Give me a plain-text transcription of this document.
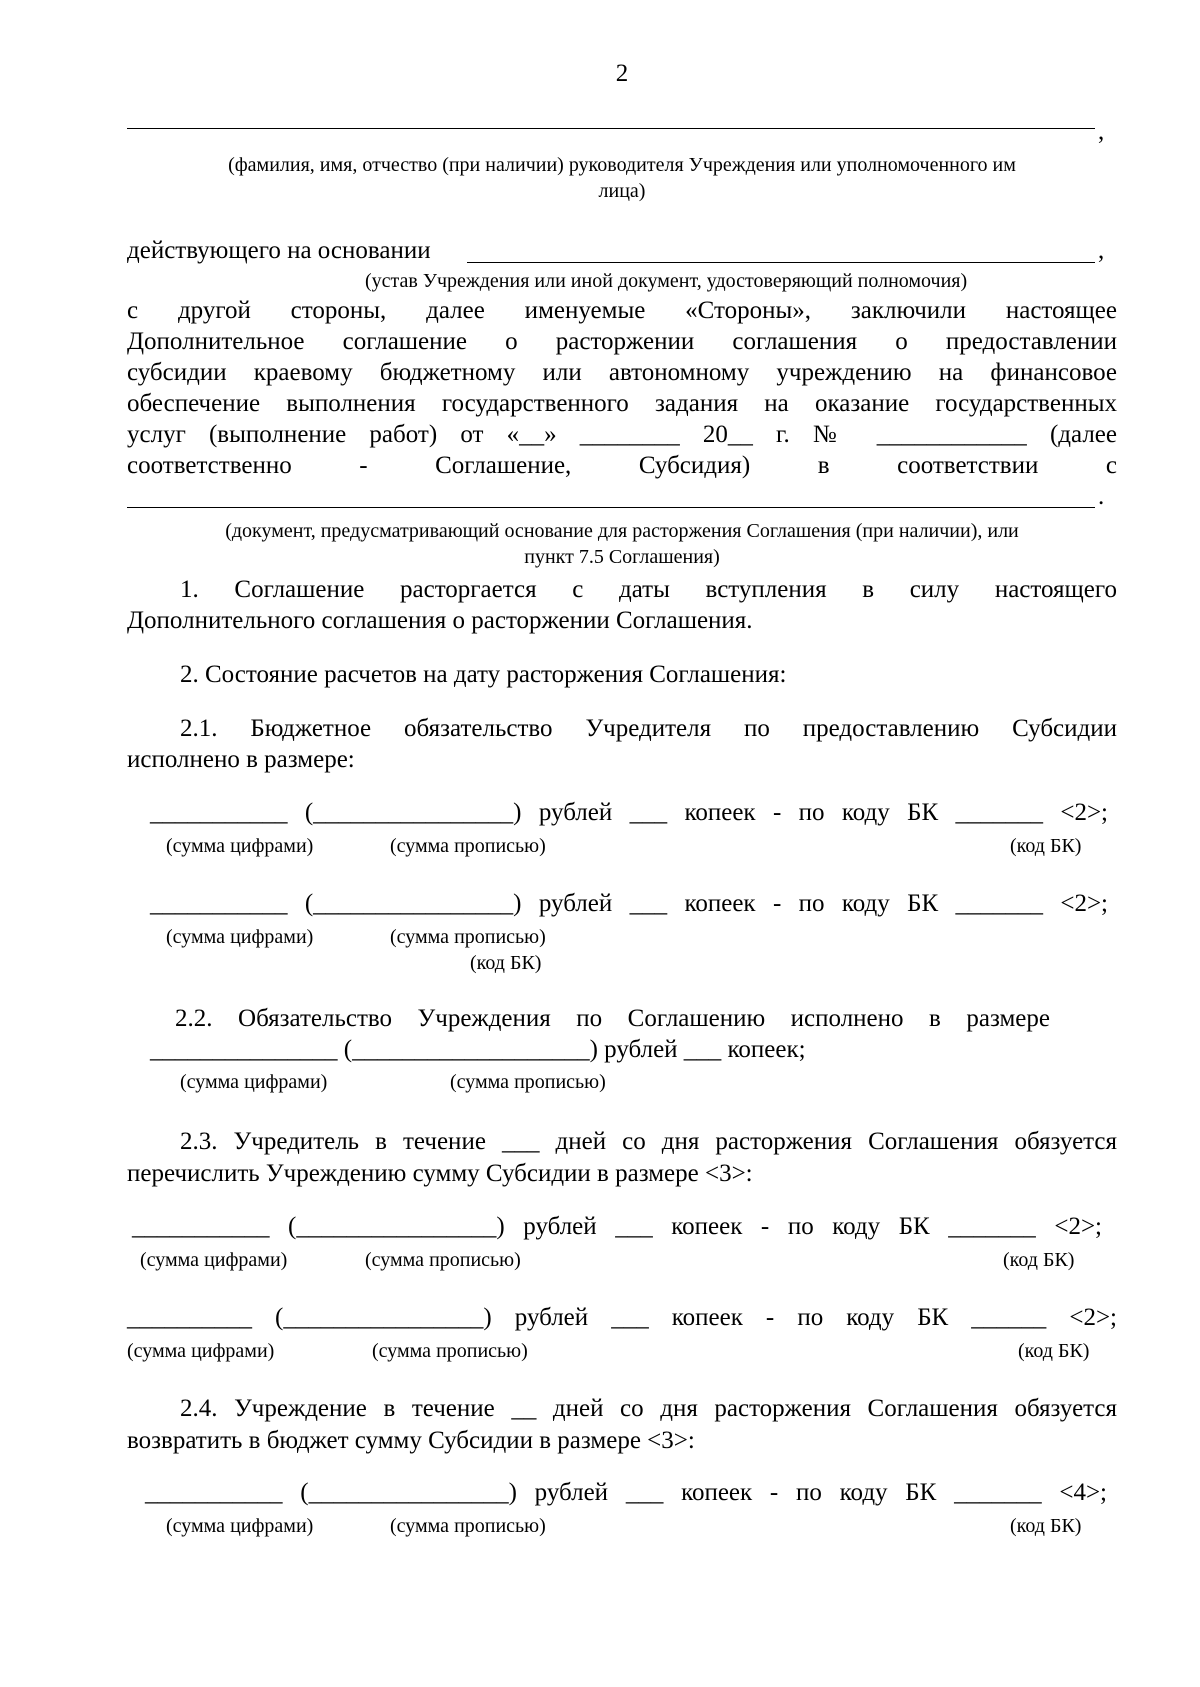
2
,
(фамилия, имя, отчество (при наличии) руководителя Учреждения или уполномоченного им
лица)
действующего на основании	,
(устав Учреждения или иной документ, удостоверяющий полномочия)
с другой стороны, далее именуемые «Стороны», заключили настоящее
Дополнительное соглашение о расторжении соглашения о предоставлении
субсидии краевому бюджетному или автономному учреждению на финансовое
обеспечение выполнения государственного задания на оказание государственных
услуг (выполнение работ) от «__» ________ 20__ г. № ____________ (далее
соответственно - Соглашение, Субсидия) в соответствии с
.
(документ, предусматривающий основание для расторжения Соглашения (при наличии), или
пункт 7.5 Соглашения)
1. Соглашение расторгается с даты вступления в силу настоящего
Дополнительного соглашения о расторжении Соглашения.
2. Состояние расчетов на дату расторжения Соглашения:
2.1. Бюджетное обязательство Учредителя по предоставлению Субсидии
исполнено в размере:
___________ (________________) рублей ___ копеек - по коду БК _______ <2>;
(сумма цифрами)	(сумма прописью)	(код БК)
___________ (________________) рублей ___ копеек - по коду БК _______ <2>;
(сумма цифрами)	(сумма прописью)
(код БК)
2.2. Обязательство Учреждения по Соглашению исполнено в размере
_______________ (___________________) рублей ___ копеек;
(сумма цифрами)	(сумма прописью)
2.3. Учредитель в течение ___ дней со дня расторжения Соглашения обязуется
перечислить Учреждению сумму Субсидии в размере <3>:
___________ (________________) рублей ___ копеек - по коду БК _______ <2>;
(сумма цифрами)	(сумма прописью)	(код БК)
__________ (________________) рублей ___ копеек - по коду БК ______ <2>;
(сумма цифрами)	(сумма прописью)	(код БК)
2.4. Учреждение в течение __ дней со дня расторжения Соглашения обязуется
возвратить в бюджет сумму Субсидии в размере <3>:
___________ (________________) рублей ___ копеек - по коду БК _______ <4>;
(сумма цифрами)	(сумма прописью)	(код БК)
